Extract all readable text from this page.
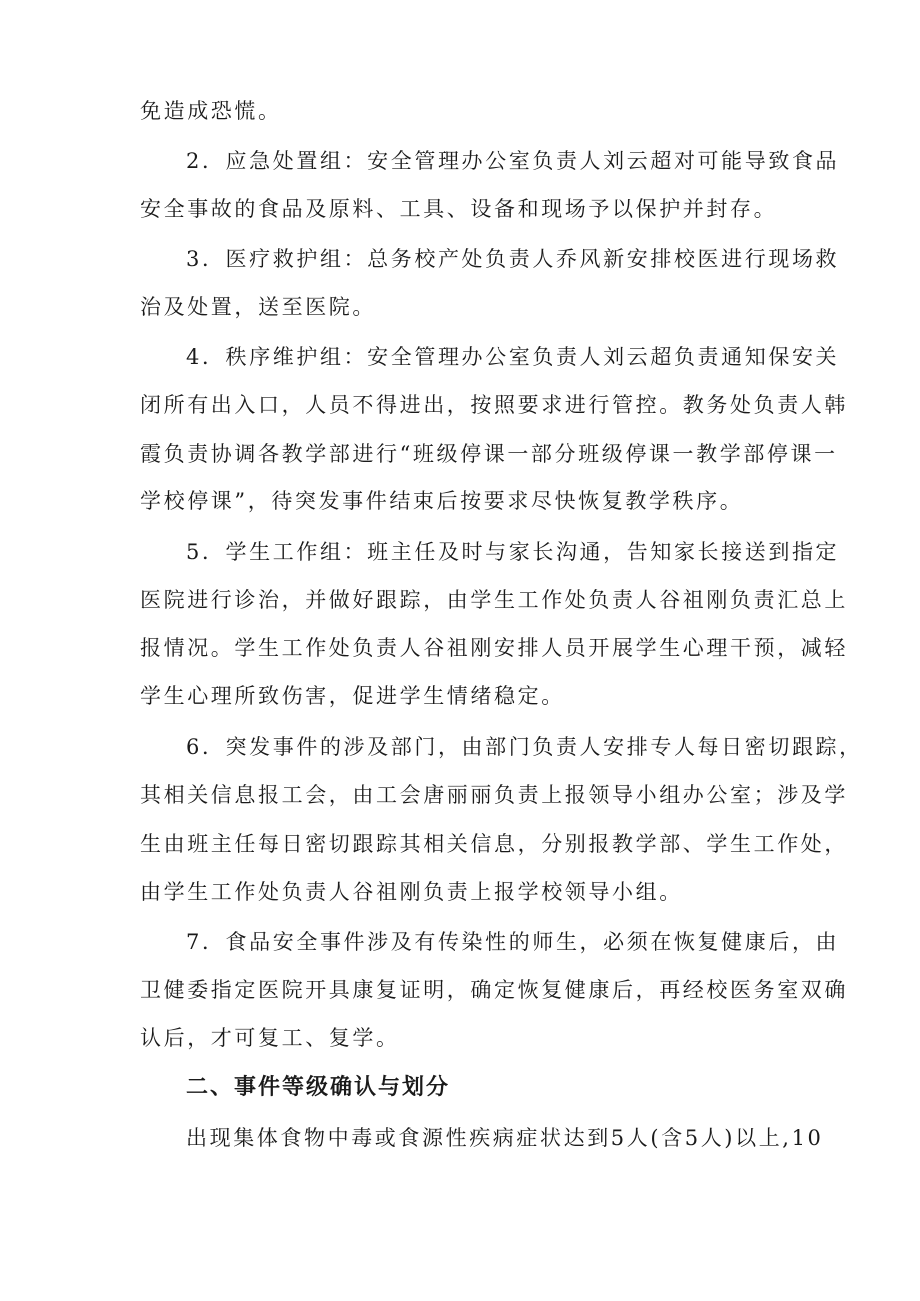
免造成恐慌。
2．应急处置组：安全管理办公室负责人刘云超对可能导致食品
安全事故的食品及原料、工具、设备和现场予以保护并封存。
3．医疗救护组：总务校产处负责人乔风新安排校医进行现场救
治及处置，送至医院。
4．秩序维护组：安全管理办公室负责人刘云超负责通知保安关
闭所有出入口，人员不得进出，按照要求进行管控。教务处负责人韩
霞负责协调各教学部进行“班级停课一部分班级停课一教学部停课一
学校停课”，待突发事件结束后按要求尽快恢复教学秩序。
5．学生工作组：班主任及时与家长沟通，告知家长接送到指定
医院进行诊治，并做好跟踪，由学生工作处负责人谷祖刚负责汇总上
报情况。学生工作处负责人谷祖刚安排人员开展学生心理干预，减轻
学生心理所致伤害，促进学生情绪稳定。
6．突发事件的涉及部门，由部门负责人安排专人每日密切跟踪，
其相关信息报工会，由工会唐丽丽负责上报领导小组办公室；涉及学
生由班主任每日密切跟踪其相关信息，分别报教学部、学生工作处，
由学生工作处负责人谷祖刚负责上报学校领导小组。
7．食品安全事件涉及有传染性的师生，必须在恢复健康后，由
卫健委指定医院开具康复证明，确定恢复健康后，再经校医务室双确
认后，才可复工、复学。
二、事件等级确认与划分
出现集体食物中毒或食源性疾病症状达到5人(含5人)以上,10
